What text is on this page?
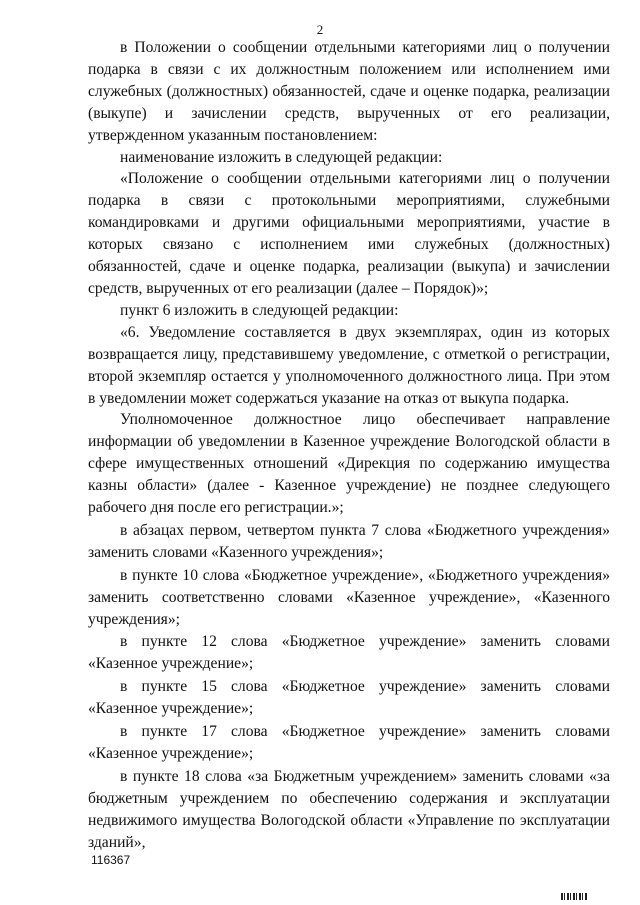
2

в Положении о сообщении отдельными категориями лиц о получении подарка в связи с их должностным положением или исполнением ими служебных (должностных) обязанностей, сдаче и оценке подарка, реализации (выкупе) и зачислении средств, вырученных от его реализации, утвержденном указанным постановлением:

наименование изложить в следующей редакции:

«Положение о сообщении отдельными категориями лиц о получении подарка в связи с протокольными мероприятиями, служебными командировками и другими официальными мероприятиями, участие в которых связано с исполнением ими служебных (должностных) обязанностей, сдаче и оценке подарка, реализации (выкупа) и зачислении средств, вырученных от его реализации (далее – Порядок)»;

пункт 6 изложить в следующей редакции:

«6. Уведомление составляется в двух экземплярах, один из которых возвращается лицу, представившему уведомление, с отметкой о регистрации, второй экземпляр остается у уполномоченного должностного лица. При этом в уведомлении может содержаться указание на отказ от выкупа подарка.

Уполномоченное должностное лицо обеспечивает направление информации об уведомлении в Казенное учреждение Вологодской области в сфере имущественных отношений «Дирекция по содержанию имущества казны области» (далее - Казенное учреждение) не позднее следующего рабочего дня после его регистрации.»;

в абзацах первом, четвертом пункта 7 слова «Бюджетного учреждения» заменить словами «Казенного учреждения»;

в пункте 10 слова «Бюджетное учреждение», «Бюджетного учреждения» заменить соответственно словами «Казенное учреждение», «Казенного учреждения»;

в пункте 12 слова «Бюджетное учреждение» заменить словами «Казенное учреждение»;

в пункте 15 слова «Бюджетное учреждение» заменить словами «Казенное учреждение»;

в пункте 17 слова «Бюджетное учреждение» заменить словами «Казенное учреждение»;

в пункте 18 слова «за Бюджетным учреждением» заменить словами «за бюджетным учреждением по обеспечению содержания и эксплуатации недвижимого имущества Вологодской области «Управление по эксплуатации зданий»,

116367
